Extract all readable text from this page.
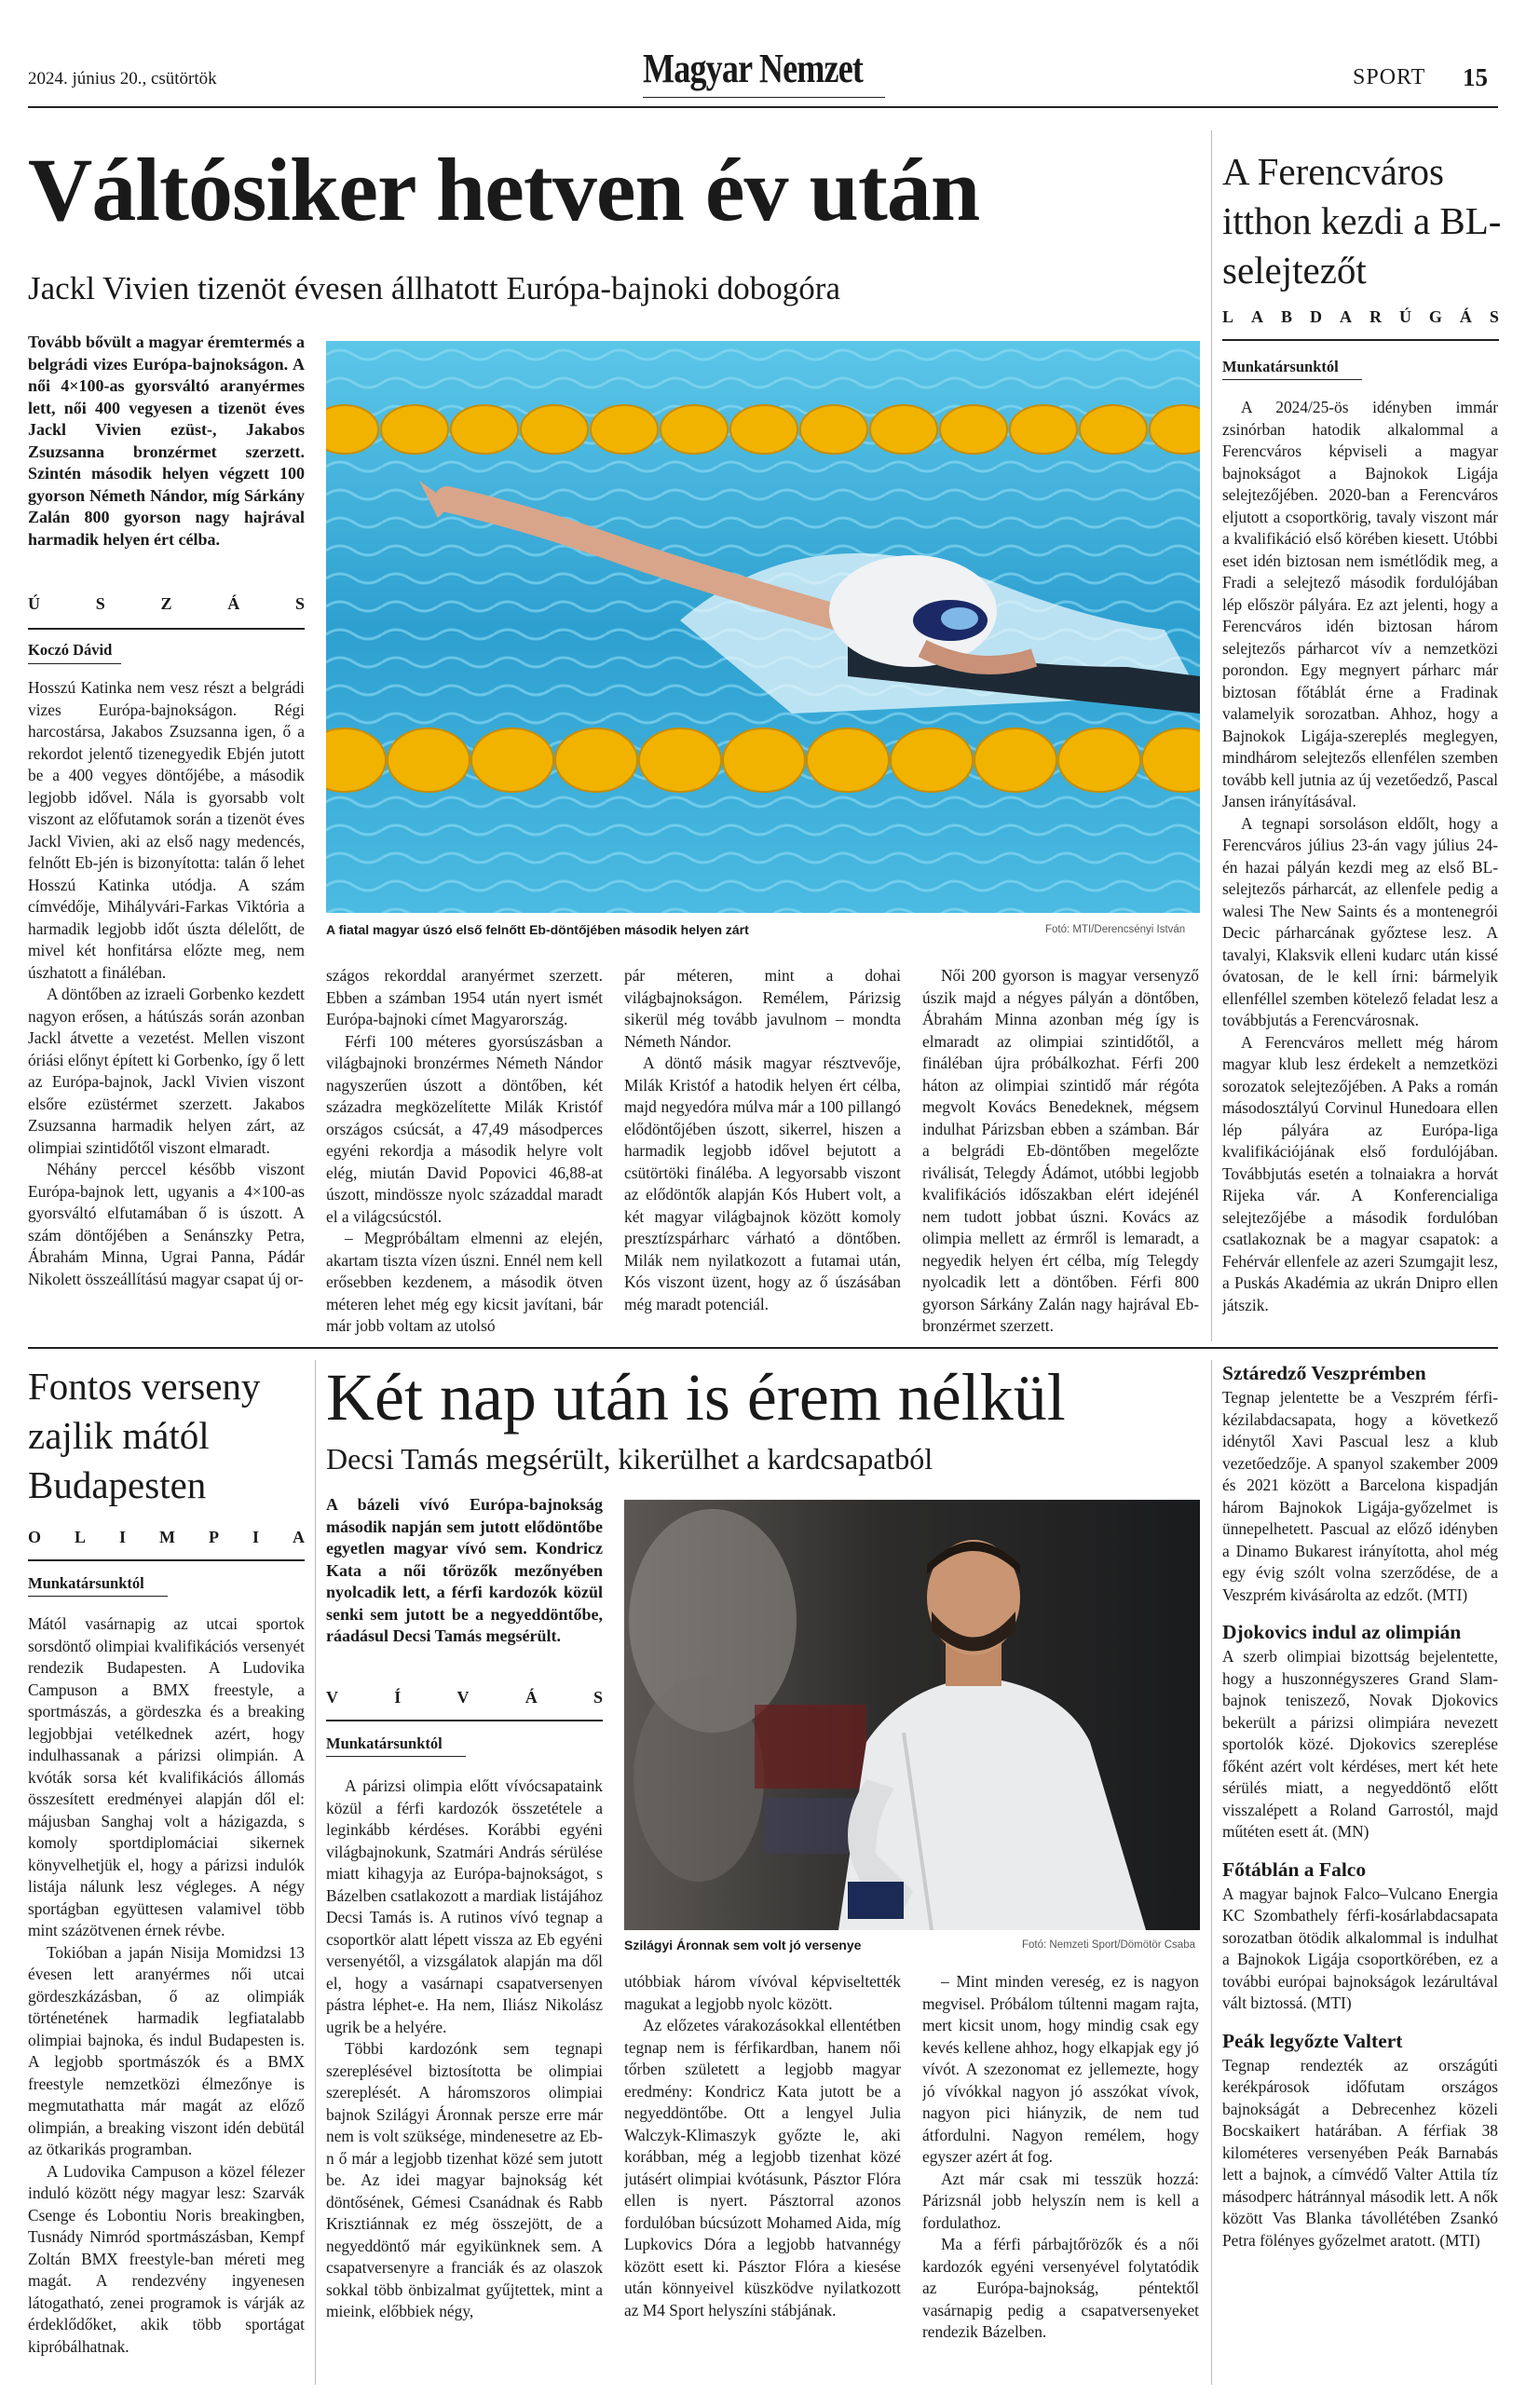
2024. június 20., csütörtök	Magyar Nemzet	SPORT 15
Váltósiker hetven év után
Jackl Vivien tizenöt évesen állhatott Európa-bajnoki dobogóra
Tovább bővült a magyar éremtermés a belgrádi vizes Európa-bajnokságon. A női 4×100-as gyorsváltó aranyérmes lett, női 400 vegyesen a tizenöt éves Jackl Vivien ezüst-, Jakabos Zsuzsanna bronzérmet szerzett. Szintén második helyen végzett 100 gyorson Németh Nándor, míg Sárkány Zalán 800 gyorson nagy hajrával harmadik helyen ért célba.
Ú	S	Z	Á	S
Koczó Dávid

Hosszú Katinka nem vesz részt a belgrádi vizes Európa-bajnokságon. Régi harcostársa, Jakabos Zsuzsanna igen, ő a rekordot jelentő tizenegyedik Ebjén jutott be a 400 vegyes döntőjébe, a második legjobb idővel. Nála is gyorsabb volt viszont az előfutamok során a tizenöt éves Jackl Vivien, aki az első nagy medencés, felnőtt Eb-jén is bizonyította: talán ő lehet Hosszú Katinka utódja. A szám címvédője, Mihályvári-Farkas Viktória a harmadik legjobb időt úszta délelőtt, de mivel két honfitársa előzte meg, nem úszhatott a fináléban.

A döntőben az izraeli Gorbenko kezdett nagyon erősen, a hátúszás során azonban Jackl átvette a vezetést. Mellen viszont óriási előnyt épített ki Gorbenko, így ő lett az Európa-bajnok, Jackl Vivien viszont elsőre ezüstérmet szerzett. Jakabos Zsuzsanna harmadik helyen zárt, az olimpiai szintidőtől viszont elmaradt.

Néhány perccel később viszont Európa-bajnok lett, ugyanis a 4×100-as gyorsváltó elfutamában ő is úszott. A szám döntőjében a Senánszky Petra, Ábrahám Minna, Ugrai Panna, Pádár Nikolett összeállítású magyar csapat új or-

A fiatal magyar úszó első felnőtt Eb-döntőjében második helyen zárt	Fotó: MTI/Derencsényi István

szágos rekorddal aranyérmet szerzett. Ebben a számban 1954 után nyert ismét Európa-bajnoki címet Magyarország.

Férfi 100 méteres gyorsúszásban a világbajnoki bronzérmes Németh Nándor nagyszerűen úszott a döntőben, két századra megközelítette Milák Kristóf országos csúcsát, a 47,49 másodperces egyéni rekordja a második helyre volt elég, miután David Popovici 46,88-at úszott, mindössze nyolc századdal maradt el a világcsúcstól.

– Megpróbáltam elmenni az elején, akartam tiszta vízen úszni. Ennél nem kell erősebben kezdenem, a második ötven méteren lehet még egy kicsit javítani, bár már jobb voltam az utolsó

pár méteren, mint a dohai világbajnokságon. Remélem, Párizsig sikerül még tovább javulnom – mondta Németh Nándor.

A döntő másik magyar résztvevője, Milák Kristóf a hatodik helyen ért célba, majd negyedóra múlva már a 100 pillangó elődöntőjében úszott, sikerrel, hiszen a harmadik legjobb idővel bejutott a csütörtöki fináléba. A legyorsabb viszont az elődöntők alapján Kós Hubert volt, a két magyar világbajnok között komoly presztízspárharc várható a döntőben. Milák nem nyilatkozott a futamai után, Kós viszont üzent, hogy az ő úszásában még maradt potenciál.

Női 200 gyorson is magyar versenyző úszik majd a négyes pályán a döntőben, Ábrahám Minna azonban még így is elmaradt az olimpiai szintidőtől, a fináléban újra próbálkozhat. Férfi 200 háton az olimpiai szintidő már régóta megvolt Kovács Benedeknek, mégsem indulhat Párizsban ebben a számban. Bár a belgrádi Eb-döntőben megelőzte riválisát, Telegdy Ádámot, utóbbi legjobb kvalifikációs időszakban elért idejénél nem tudott jobbat úszni. Kovács az olimpia mellett az érmről is lemaradt, a negyedik helyen ért célba, míg Telegdy nyolcadik lett a döntőben. Férfi 800 gyorson Sárkány Zalán nagy hajrával Eb-bronzérmet szerzett.

A Ferencváros itthon kezdi a BL-selejtezőt
L A B D A R Ú G Á S
Munkatársunktól

A 2024/25-ös idényben immár zsinórban hatodik alkalommal a Ferencváros képviseli a magyar bajnokságot a Bajnokok Ligája selejtezőjében. 2020-ban a Ferencváros eljutott a csoportkörig, tavaly viszont már a kvalifikáció első körében kiesett. Utóbbi eset idén biztosan nem ismétlődik meg, a Fradi a selejtező második fordulójában lép először pályára. Ez azt jelenti, hogy a Ferencváros idén biztosan három selejtezős párharcot vív a nemzetközi porondon. Egy megnyert párharc már biztosan főtáblát érne a Fradinak valamelyik sorozatban. Ahhoz, hogy a Bajnokok Ligája-szereplés meglegyen, mindhárom selejtezős ellenfélen szemben tovább kell jutnia az új vezetőedző, Pascal Jansen irányításával.

A tegnapi sorsoláson eldőlt, hogy a Ferencváros július 23-án vagy július 24-én hazai pályán kezdi meg az első BL-selejtezős párharcát, az ellenfele pedig a walesi The New Saints és a montenegrói Decic párharcának győztese lesz. A tavalyi, Klaksvik elleni kudarc után kissé óvatosan, de le kell írni: bármelyik ellenféllel szemben kötelező feladat lesz a továbbjutás a Ferencvárosnak.

A Ferencváros mellett még három magyar klub lesz érdekelt a nemzetközi sorozatok selejtezőjében. A Paks a román másodosztályú Corvinul Hunedoara ellen lép pályára az Európa-liga kvalifikációjának első fordulójában. Továbbjutás esetén a tolnaiakra a horvát Rijeka vár. A Konferencialiga selejtezőjébe a második fordulóban csatlakoznak be a magyar csapatok: a Fehérvár ellenfele az azeri Szumgajit lesz, a Puskás Akadémia az ukrán Dnipro ellen játszik.

Fontos verseny zajlik mától Budapesten
O L I M P I A
Munkatársunktól

Mától vasárnapig az utcai sportok sorsdöntő olimpiai kvalifikációs versenyét rendezik Budapesten. A Ludovika Campuson a BMX freestyle, a sportmászás, a gördeszka és a breaking legjobbjai vetélkednek azért, hogy indulhassanak a párizsi olimpián. A kvóták sorsa két kvalifikációs állomás összesített eredményei alapján dől el: májusban Sanghaj volt a házigazda, s komoly sportdiplomáciai sikernek könyvelhetjük el, hogy a párizsi indulók listája nálunk lesz végleges. A négy sportágban együttesen valamivel több mint százötvenen érnek révbe.

Tokióban a japán Nisija Momidzsi 13 évesen lett aranyérmes női utcai gördeszkázásban, ő az olimpiák történetének harmadik legfiatalabb olimpiai bajnoka, és indul Budapesten is. A legjobb sportmászók és a BMX freestyle nemzetközi élmezőnye is megmutathatta már magát az előző olimpián, a breaking viszont idén debütál az ötkarikás programban.

A Ludovika Campuson a közel félezer induló között négy magyar lesz: Szarvák Csenge és Lobontiu Noris breakingben, Tusnády Nimród sportmászásban, Kempf Zoltán BMX freestyle-ban méreti meg magát. A rendezvény ingyenesen látogatható, zenei programok is várják az érdeklődőket, akik több sportágat kipróbálhatnak.

Két nap után is érem nélkül
Decsi Tamás megsérült, kikerülhet a kardcsapatból
A bázeli vívó Európa-bajnokság második napján sem jutott elődöntőbe egyetlen magyar vívó sem. Kondricz Kata a női tőrözők mezőnyében nyolcadik lett, a férfi kardozók közül senki sem jutott be a negyeddöntőbe, ráadásul Decsi Tamás megsérült.
V	Í	V	Á	S
Munkatársunktól
Szilágyi Áronnak sem volt jó versenye	Fotó: Nemzeti Sport/Dömötör Csaba

A párizsi olimpia előtt vívócsapataink közül a férfi kardozók összetétele a leginkább kérdéses. Korábbi egyéni világbajnokunk, Szatmári András sérülése miatt kihagyja az Európa-bajnokságot, s Bázelben csatlakozott a mardiak listájához Decsi Tamás is. A rutinos vívó tegnap a csoportkör alatt lépett vissza az Eb egyéni versenyétől, a vizsgálatok alapján ma dől el, hogy a vasárnapi csapatversenyen pástra léphet-e. Ha nem, Iliász Nikolász ugrik be a helyére.

Többi kardozónk sem tegnapi szereplésével biztosította be olimpiai szereplését. A háromszoros olimpiai bajnok Szilágyi Áronnak persze erre már nem is volt szüksége, mindenesetre az Eb-n ő már a legjobb tizenhat közé sem jutott be. Az idei magyar bajnokság két döntősének, Gémesi Csanádnak és Rabb Krisztiánnak ez még összejött, de a negyeddöntő már egyikünknek sem. A csapatversenyre a franciák és az olaszok sokkal több önbizalmat gyűjtettek, mint a mieink, előbbiek négy,

utóbbiak három vívóval képviseltették magukat a legjobb nyolc között.

Az előzetes várakozásokkal ellentétben tegnap nem is férfikardban, hanem női tőrben született a legjobb magyar eredmény: Kondricz Kata jutott be a negyeddöntőbe. Ott a lengyel Julia Walczyk-Klimaszyk győzte le, aki korábban, még a legjobb tizenhat közé jutásért olimpiai kvótásunk, Pásztor Flóra ellen is nyert. Pásztorral azonos fordulóban búcsúzott Mohamed Aida, míg Lupkovics Dóra a legjobb hatvannégy között esett ki. Pásztor Flóra a kiesése után könnyeivel küszködve nyilatkozott az M4 Sport helyszíni stábjának.

– Mint minden vereség, ez is nagyon megvisel. Próbálom túltenni magam rajta, mert kicsit unom, hogy mindig csak egy kevés kellene ahhoz, hogy elkapjak egy jó vívót. A szezonomat ez jellemezte, hogy jó vívókkal nagyon jó asszókat vívok, nagyon pici hiányzik, de nem tud átfordulni. Nagyon remélem, hogy egyszer azért át fog.

Azt már csak mi tesszük hozzá: Párizsnál jobb helyszín nem is kell a fordulathoz.

Ma a férfi párbajtőrözők és a női kardozók egyéni versenyével folytatódik az Európa-bajnokság, péntektől vasárnapig pedig a csapatversenyeket rendezik Bázelben.

Sztáredző Veszprémben
Tegnap jelentette be a Veszprém férfi-kézilabdacsapata, hogy a következő idénytől Xavi Pascual lesz a klub vezetőedzője. A spanyol szakember 2009 és 2021 között a Barcelona kispadján három Bajnokok Ligája-győzelmet is ünnepelhetett. Pascual az előző idényben a Dinamo Bukarest irányította, ahol még egy évig szólt volna szerződése, de a Veszprém kivásárolta az edzőt. (MTI)
Djokovics indul az olimpián
A szerb olimpiai bizottság bejelentette, hogy a huszonnégyszeres Grand Slam-bajnok teniszező, Novak Djokovics bekerült a párizsi olimpiára nevezett sportolók közé. Djokovics szereplése főként azért volt kérdéses, mert két hete sérülés miatt, a negyeddöntő előtt visszalépett a Roland Garrostól, majd műtéten esett át. (MN)
Főtáblán a Falco
A magyar bajnok Falco–Vulcano Energia KC Szombathely férfi-kosárlabdacsapata sorozatban ötödik alkalommal is indulhat a Bajnokok Ligája csoportkörében, ez a további európai bajnokságok lezárultával vált biztossá. (MTI)
Peák legyőzte Valtert
Tegnap rendezték az országúti kerékpárosok időfutam országos bajnokságát a Debrecenhez közeli Bocskaikert határában. A férfiak 38 kilométeres versenyében Peák Barnabás lett a bajnok, a címvédő Valter Attila tíz másodperc hátránnyal második lett. A nők között Vas Blanka távollétében Zsankó Petra fölényes győzelmet aratott. (MTI)
